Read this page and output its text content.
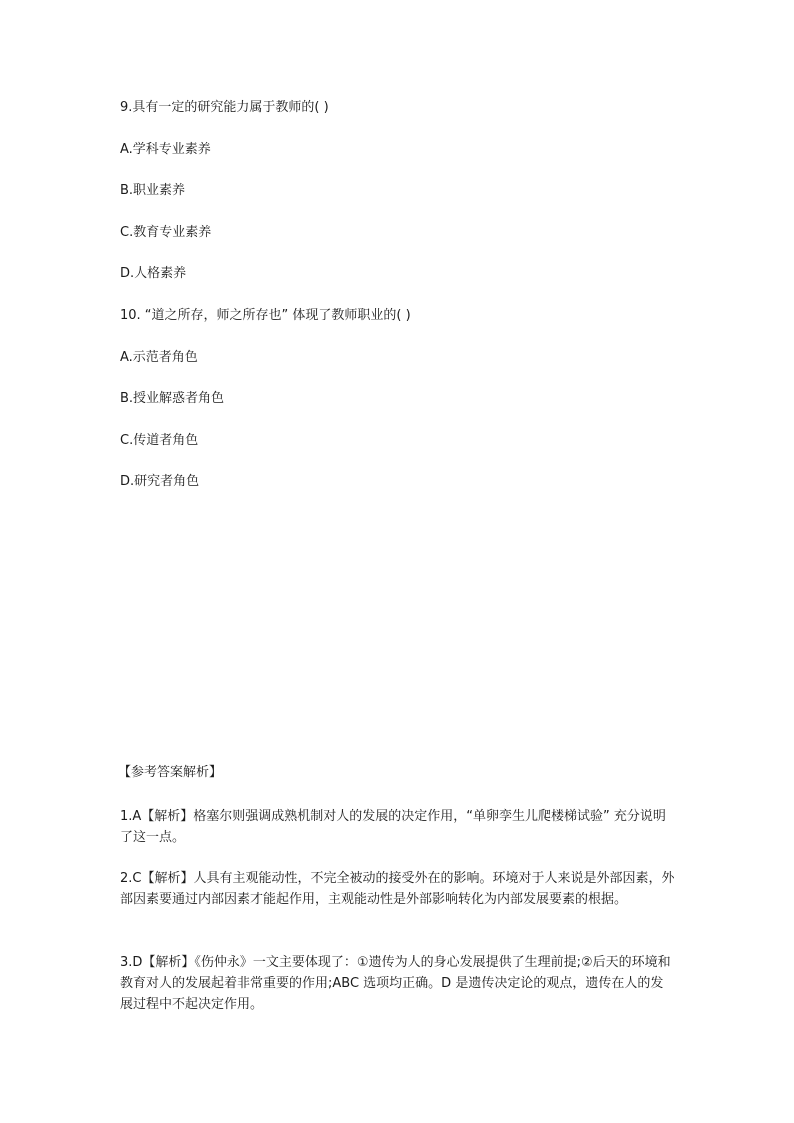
9.具有一定的研究能力属于教师的( )
A.学科专业素养
B.职业素养
C.教育专业素养
D.人格素养
10. “道之所存，师之所存也” 体现了教师职业的( )
A.示范者角色
B.授业解惑者角色
C.传道者角色
D.研究者角色
【参考答案解析】
1.A【解析】格塞尔则强调成熟机制对人的发展的决定作用，“单卵孪生儿爬楼梯试验” 充分说明了这一点。
2.C【解析】人具有主观能动性，不完全被动的接受外在的影响。环境对于人来说是外部因素，外部因素要通过内部因素才能起作用，主观能动性是外部影响转化为内部发展要素的根据。
3.D【解析】《伤仲永》一文主要体现了：①遗传为人的身心发展提供了生理前提;②后天的环境和教育对人的发展起着非常重要的作用;ABC 选项均正确。D 是遗传决定论的观点，遗传在人的发展过程中不起决定作用。
